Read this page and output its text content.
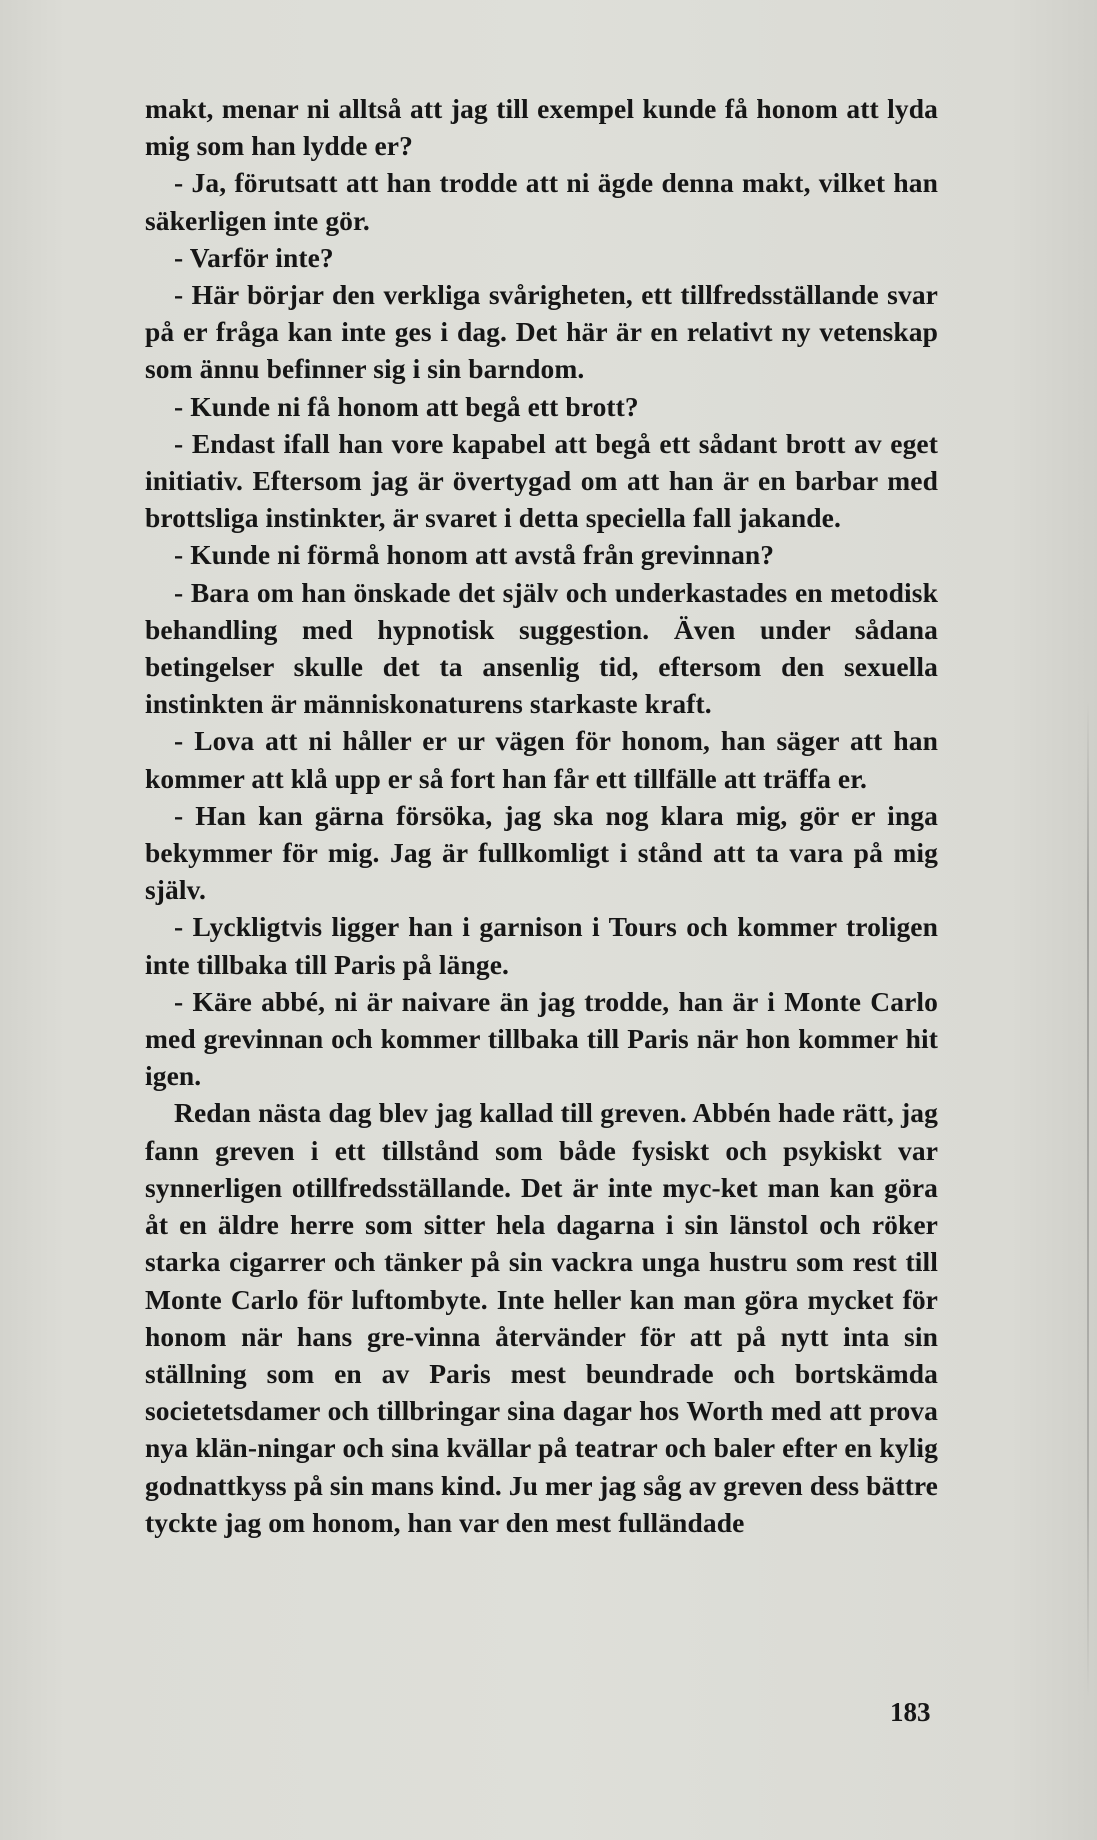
makt, menar ni alltså att jag till exempel kunde få honom att lyda mig som han lydde er?

- Ja, förutsatt att han trodde att ni ägde denna makt, vilket han säkerligen inte gör.

- Varför inte?

- Här börjar den verkliga svårigheten, ett tillfredsställande svar på er fråga kan inte ges i dag. Det här är en relativt ny vetenskap som ännu befinner sig i sin barndom.

- Kunde ni få honom att begå ett brott?

- Endast ifall han vore kapabel att begå ett sådant brott av eget initiativ. Eftersom jag är övertygad om att han är en barbar med brottsliga instinkter, är svaret i detta speciella fall jakande.

- Kunde ni förmå honom att avstå från grevinnan?

- Bara om han önskade det själv och underkastades en metodisk behandling med hypnotisk suggestion. Även under sådana betingelser skulle det ta ansenlig tid, eftersom den sexuella instinkten är människonaturens starkaste kraft.

- Lova att ni håller er ur vägen för honom, han säger att han kommer att klå upp er så fort han får ett tillfälle att träffa er.

- Han kan gärna försöka, jag ska nog klara mig, gör er inga bekymmer för mig. Jag är fullkomligt i stånd att ta vara på mig själv.

- Lyckligtvis ligger han i garnison i Tours och kommer troligen inte tillbaka till Paris på länge.

- Käre abbé, ni är naivare än jag trodde, han är i Monte Carlo med grevinnan och kommer tillbaka till Paris när hon kommer hit igen.

Redan nästa dag blev jag kallad till greven. Abbén hade rätt, jag fann greven i ett tillstånd som både fysiskt och psykiskt var synnerligen otillfredsställande. Det är inte myc-ket man kan göra åt en äldre herre som sitter hela dagarna i sin länstol och röker starka cigarrer och tänker på sin vackra unga hustru som rest till Monte Carlo för luftombyte. Inte heller kan man göra mycket för honom när hans gre-vinna återvänder för att på nytt inta sin ställning som en av Paris mest beundrade och bortskämda societetsdamer och tillbringar sina dagar hos Worth med att prova nya klän-ningar och sina kvällar på teatrar och baler efter en kylig godnattkyss på sin mans kind. Ju mer jag såg av greven dess bättre tyckte jag om honom, han var den mest fulländade

183
